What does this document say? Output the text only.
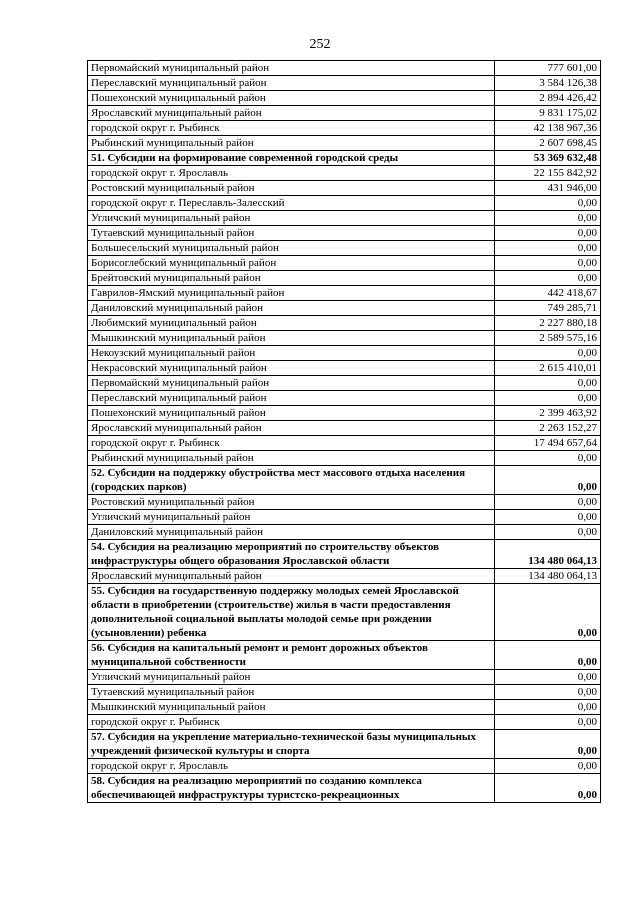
252
Первомайский муниципальный район	777 601,00
Переславский муниципальный район	3 584 126,38
Пошехонский муниципальный район	2 894 426,42
Ярославский муниципальный район	9 831 175,02
городской округ г. Рыбинск	42 138 967,36
Рыбинский муниципальный район	2 607 698,45
51. Субсидии на формирование современной городской среды	53 369 632,48
городской округ г. Ярославль	22 155 842,92
Ростовский муниципальный район	431 946,00
городской округ г. Переславль-Залесский	0,00
Угличский муниципальный район	0,00
Тутаевский муниципальный район	0,00
Большесельский муниципальный район	0,00
Борисоглебский муниципальный район	0,00
Брейтовский муниципальный район	0,00
Гаврилов-Ямский муниципальный район	442 418,67
Даниловский муниципальный район	749 285,71
Любимский муниципальный район	2 227 880,18
Мышкинский муниципальный район	2 589 575,16
Некоузский муниципальный район	0,00
Некрасовский муниципальный район	2 615 410,01
Первомайский муниципальный район	0,00
Переславский муниципальный район	0,00
Пошехонский муниципальный район	2 399 463,92
Ярославский муниципальный район	2 263 152,27
городской округ г. Рыбинск	17 494 657,64
Рыбинский муниципальный район	0,00
52. Субсидии на поддержку обустройства мест массового отдыха населения (городских парков)	0,00
Ростовский муниципальный район	0,00
Угличский муниципальный район	0,00
Даниловский муниципальный район	0,00
54. Субсидия на реализацию мероприятий по строительству объектов инфраструктуры общего образования Ярославской области	134 480 064,13
Ярославский муниципальный район	134 480 064,13
55. Субсидия на государственную поддержку молодых семей Ярославской области в приобретении (строительстве) жилья в части предоставления дополнительной социальной выплаты молодой семье при рождении (усыновлении) ребенка	0,00
56. Субсидия на капитальный ремонт и ремонт дорожных объектов муниципальной собственности	0,00
Угличский муниципальный район	0,00
Тутаевский муниципальный район	0,00
Мышкинский муниципальный район	0,00
городской округ г. Рыбинск	0,00
57. Субсидия на укрепление материально-технической базы муниципальных учреждений физической культуры и спорта	0,00
городской округ г. Ярославль	0,00
58. Субсидия на реализацию мероприятий по созданию комплекса обеспечивающей инфраструктуры туристско-рекреационных	0,00
